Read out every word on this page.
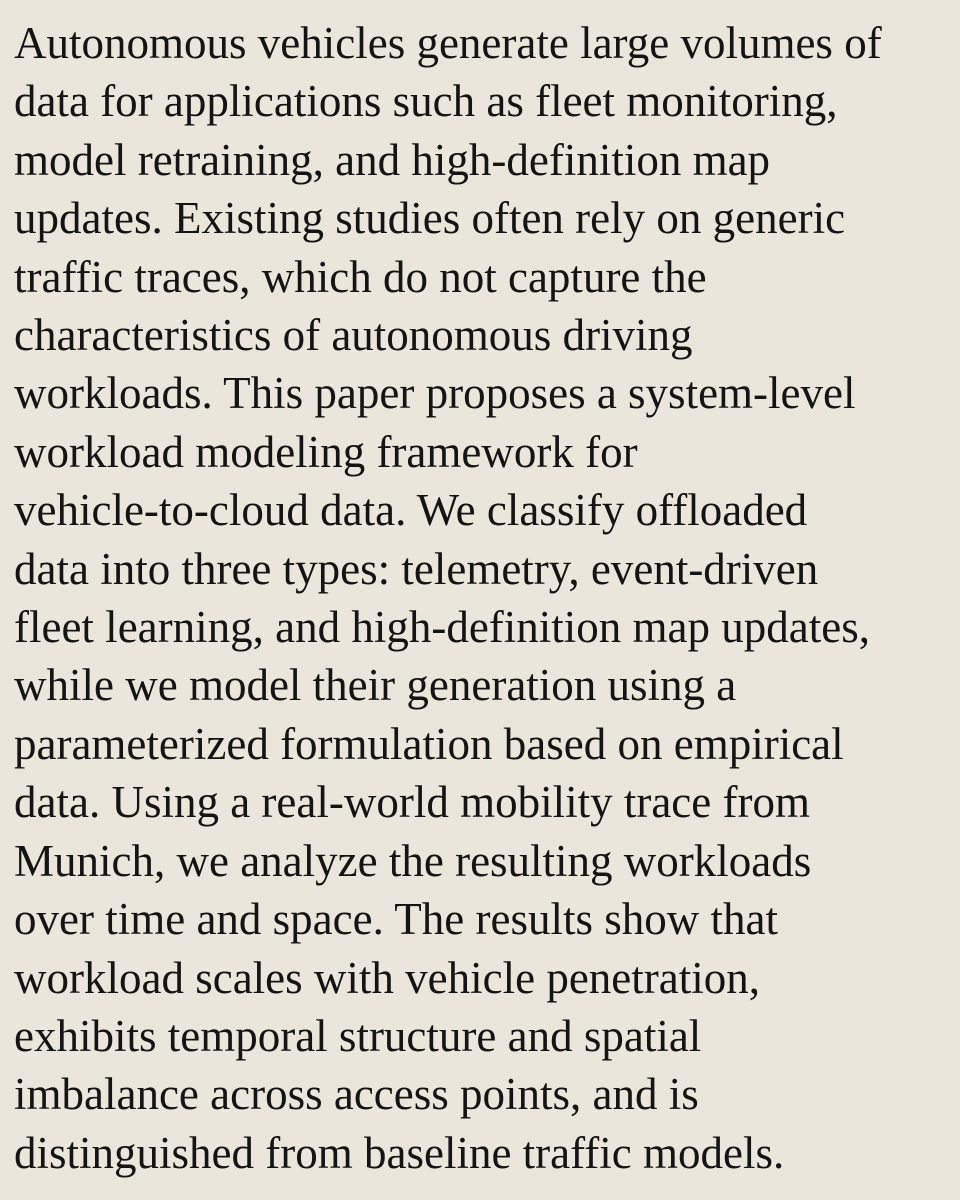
Autonomous vehicles generate large volumes of
data for applications such as fleet monitoring,
model retraining, and high-definition map
updates. Existing studies often rely on generic
traffic traces, which do not capture the
characteristics of autonomous driving
workloads. This paper proposes a system-level
workload modeling framework for
vehicle-to-cloud data. We classify offloaded
data into three types: telemetry, event-driven
fleet learning, and high-definition map updates,
while we model their generation using a
parameterized formulation based on empirical
data. Using a real-world mobility trace from
Munich, we analyze the resulting workloads
over time and space. The results show that
workload scales with vehicle penetration,
exhibits temporal structure and spatial
imbalance across access points, and is
distinguished from baseline traffic models.
